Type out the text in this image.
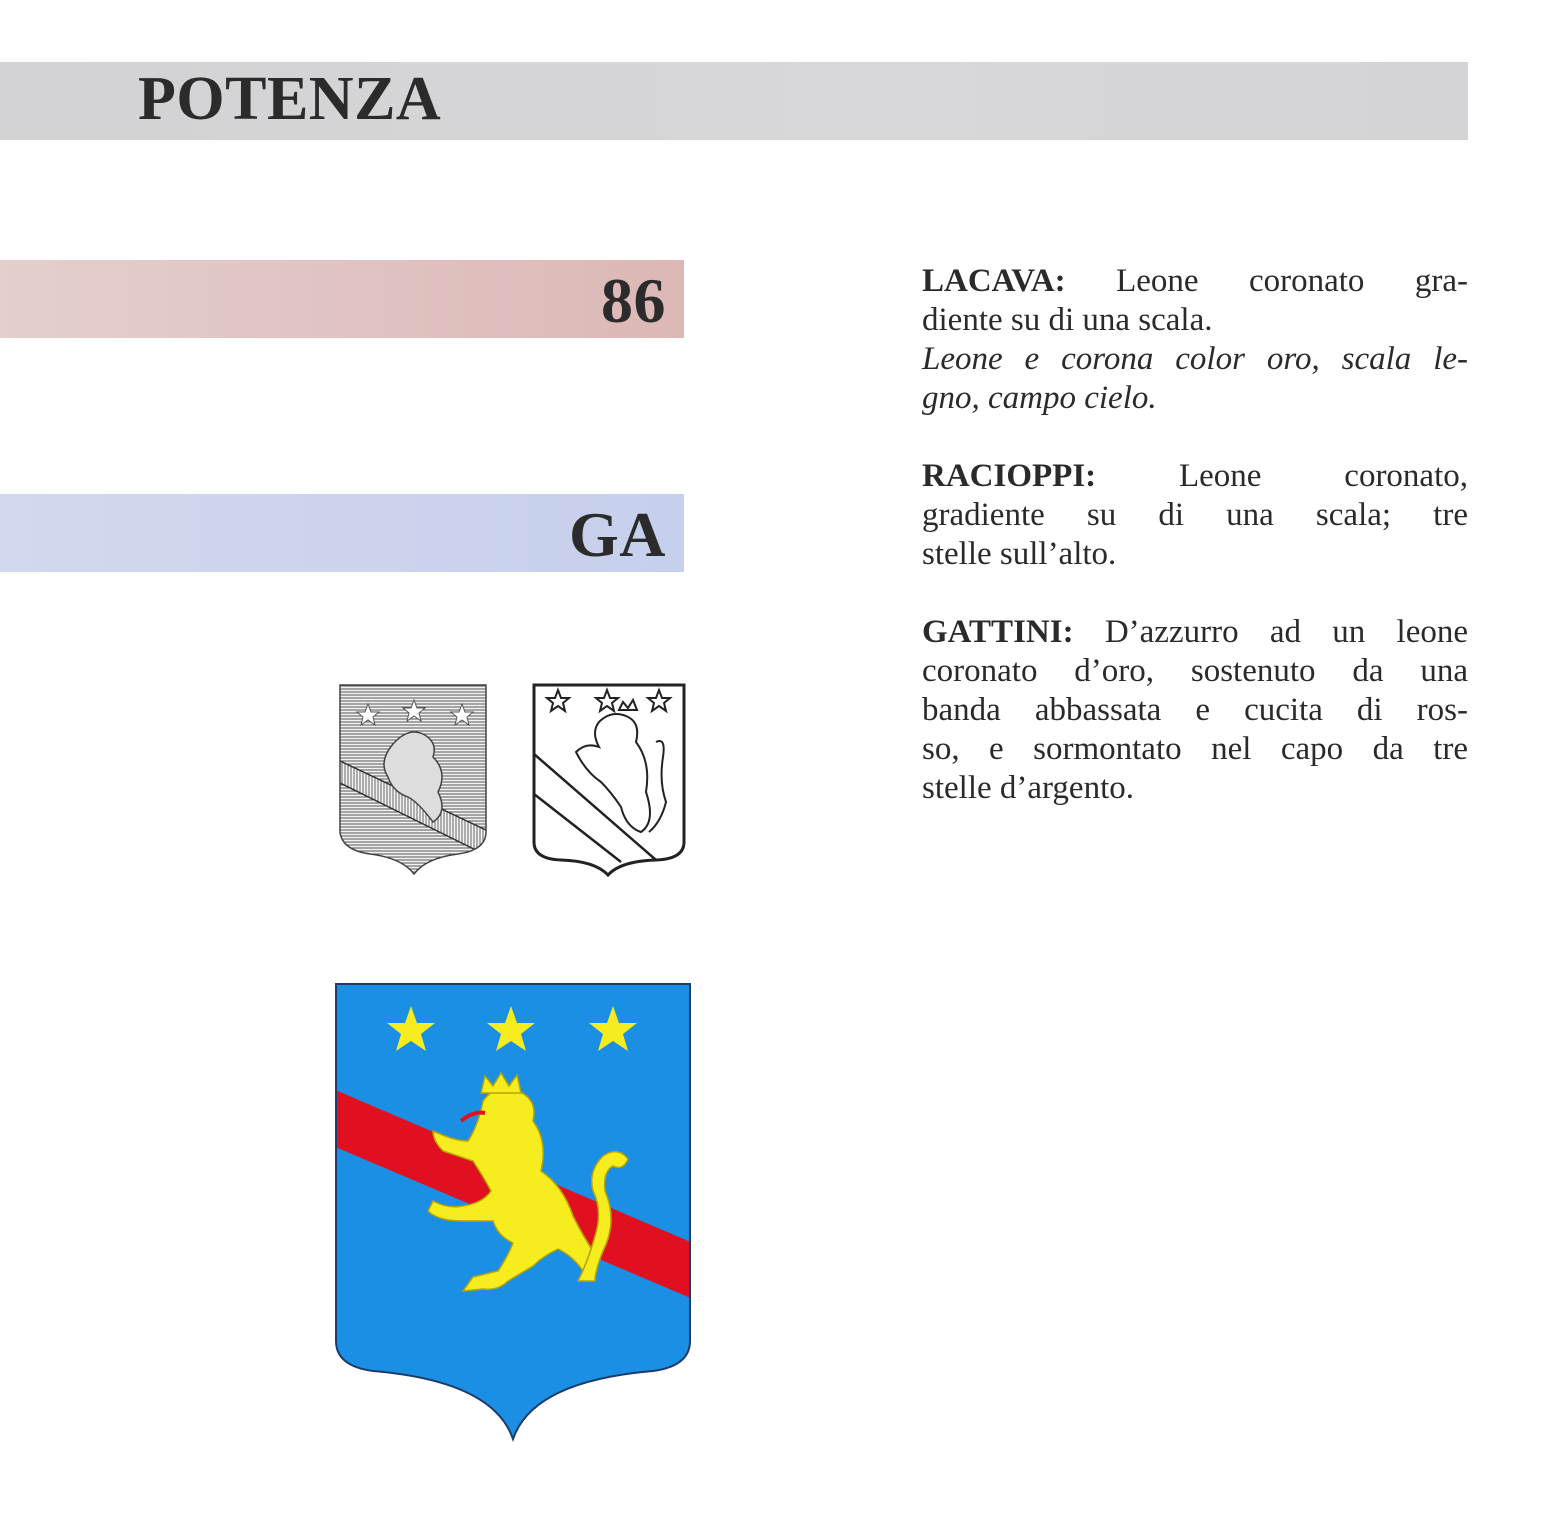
POTENZA
86
GA
LACAVA: Leone coronato gra-
diente su di una scala.
Leone e corona color oro, scala le-
gno, campo cielo.
RACIOPPI:	Leone coronato,
gradiente su di una scala; tre
stelle sull’alto.
GATTINI: D’azzurro ad un leone
coronato d’oro, sostenuto da una
banda abbassata e cucita di ros-
so, e sormontato nel capo da tre
stelle d’argento.
